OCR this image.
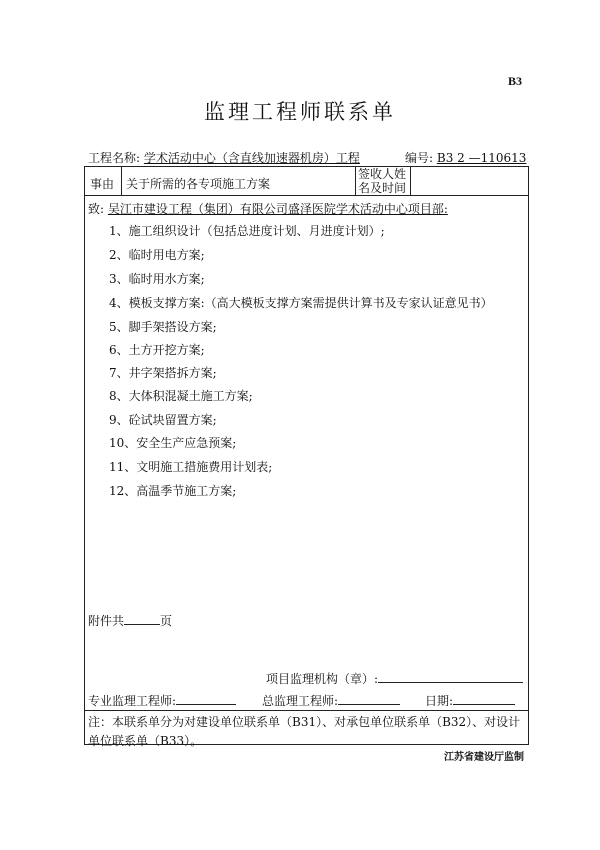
B3
监理工程师联系单
工程名称: 学术活动中心（含直线加速器机房）工程	编号: B3 2 —110613
事由 关于所需的各专项施工方案
签收人姓
名及时间
致: 吴江市建设工程（集团）有限公司盛泽医院学术活动中心项目部:
1、施工组织设计（包括总进度计划、月进度计划）;
2、临时用电方案;
3、临时用水方案;
4、模板支撑方案:（高大模板支撑方案需提供计算书及专家认证意见书）
5、脚手架搭设方案;
6、土方开挖方案;
7、井字架搭拆方案;
8、大体积混凝土施工方案;
9、砼试块留置方案;
10、安全生产应急预案;
11、文明施工措施费用计划表;
12、高温季节施工方案;
附件共	页
项目监理机构（章）:
专业监理工程师:	总监理工程师:	日期:
注：本联系单分为对建设单位联系单（B31）、对承包单位联系单（B32）、对设计单位联系单（B33）。
江苏省建设厅监制
